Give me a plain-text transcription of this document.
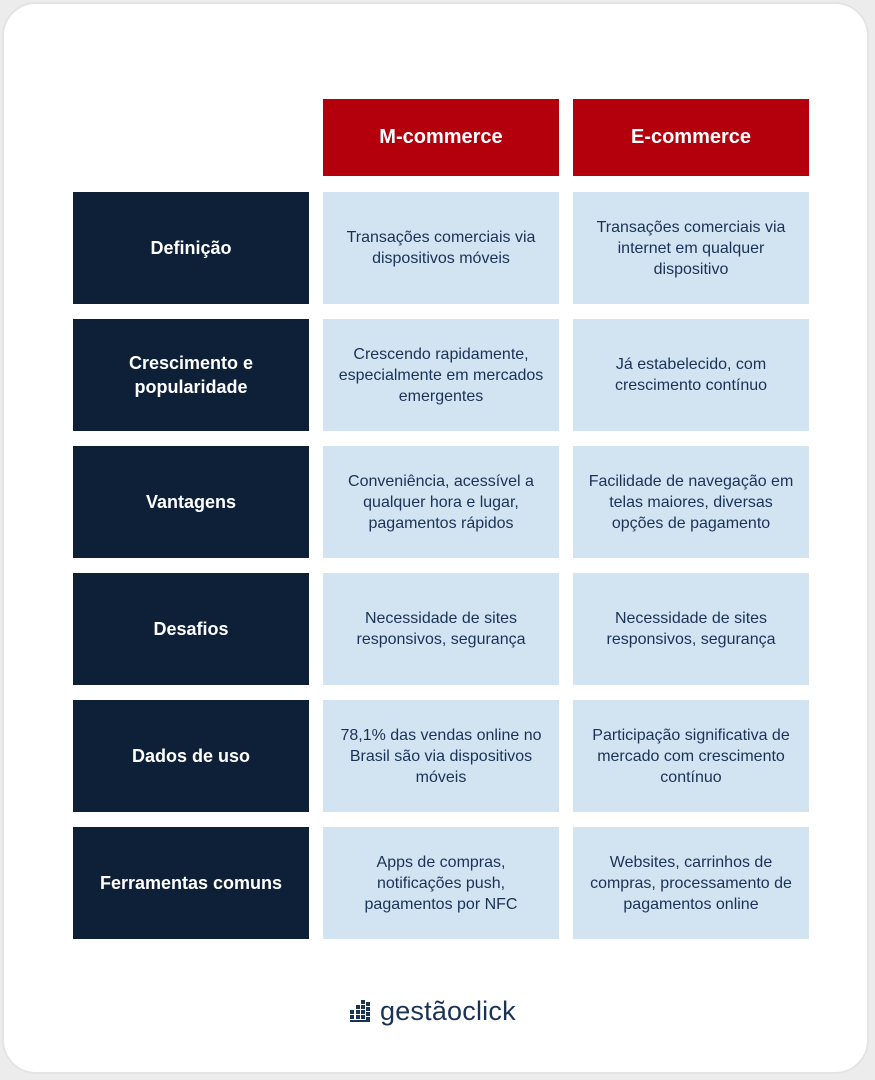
M-commerce	E-commerce
Definição
Transações comerciais via dispositivos móveis
Transações comerciais via internet em qualquer dispositivo
Crescimento e popularidade
Crescendo rapidamente, especialmente em mercados emergentes
Já estabelecido, com crescimento contínuo
Vantagens
Conveniência, acessível a qualquer hora e lugar, pagamentos rápidos
Facilidade de navegação em telas maiores, diversas opções de pagamento
Desafios
Necessidade de sites responsivos, segurança
Necessidade de sites responsivos, segurança
Dados de uso
78,1% das vendas online no Brasil são via dispositivos móveis
Participação significativa de mercado com crescimento contínuo
Ferramentas comuns
Apps de compras, notificações push, pagamentos por NFC
Websites, carrinhos de compras, processamento de pagamentos online
gestãoclick
